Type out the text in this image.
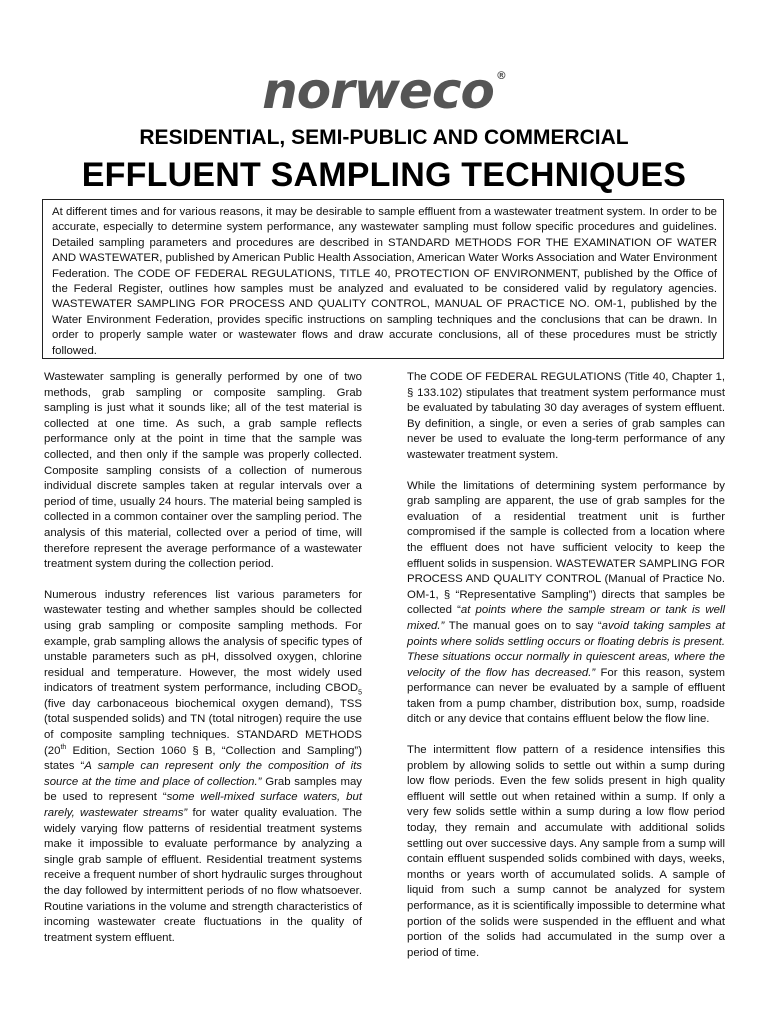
norweco ®
RESIDENTIAL, SEMI-PUBLIC AND COMMERCIAL
EFFLUENT SAMPLING TECHNIQUES
At different times and for various reasons, it may be desirable to sample effluent from a wastewater treatment system. In order to be accurate, especially to determine system performance, any wastewater sampling must follow specific procedures and guidelines. Detailed sampling parameters and procedures are described in STANDARD METHODS FOR THE EXAMINATION OF WATER AND WASTEWATER, published by American Public Health Association, American Water Works Association and Water Environment Federation. The CODE OF FEDERAL REGULATIONS, TITLE 40, PROTECTION OF ENVIRONMENT, published by the Office of the Federal Register, outlines how samples must be analyzed and evaluated to be considered valid by regulatory agencies. WASTEWATER SAMPLING FOR PROCESS AND QUALITY CONTROL, MANUAL OF PRACTICE NO. OM-1, published by the Water Environment Federation, provides specific instructions on sampling techniques and the conclusions that can be drawn. In order to properly sample water or wastewater flows and draw accurate conclusions, all of these procedures must be strictly followed.

Wastewater sampling is generally performed by one of two methods, grab sampling or composite sampling. Grab sampling is just what it sounds like; all of the test material is collected at one time. As such, a grab sample reflects performance only at the point in time that the sample was collected, and then only if the sample was properly collected. Composite sampling consists of a collection of numerous individual discrete samples taken at regular intervals over a period of time, usually 24 hours. The material being sampled is collected in a common container over the sampling period. The analysis of this material, collected over a period of time, will therefore represent the average performance of a wastewater treatment system during the collection period.

Numerous industry references list various parameters for wastewater testing and whether samples should be collected using grab sampling or composite sampling methods. For example, grab sampling allows the analysis of specific types of unstable parameters such as pH, dissolved oxygen, chlorine residual and temperature. However, the most widely used indicators of treatment system performance, including $CBOD_5$ (five day carbonaceous biochemical oxygen demand), TSS (total suspended solids) and TN (total nitrogen) require the use of composite sampling techniques. STANDARD METHODS (20th Edition, Section 1060 § B, “Collection and Sampling”) states “A sample can represent only the composition of its source at the time and place of collection.” Grab samples may be used to represent “some well-mixed surface waters, but rarely, wastewater streams” for water quality evaluation. The widely varying flow patterns of residential treatment systems make it impossible to evaluate performance by analyzing a single grab sample of effluent. Residential treatment systems receive a frequent number of short hydraulic surges throughout the day followed by intermittent periods of no flow whatsoever. Routine variations in the volume and strength characteristics of incoming wastewater create fluctuations in the quality of treatment system effluent.

The CODE OF FEDERAL REGULATIONS (Title 40, Chapter 1, § 133.102) stipulates that treatment system performance must be evaluated by tabulating 30 day averages of system effluent. By definition, a single, or even a series of grab samples can never be used to evaluate the long-term performance of any wastewater treatment system.

While the limitations of determining system performance by grab sampling are apparent, the use of grab samples for the evaluation of a residential treatment unit is further compromised if the sample is collected from a location where the effluent does not have sufficient velocity to keep the effluent solids in suspension. WASTEWATER SAMPLING FOR PROCESS AND QUALITY CONTROL (Manual of Practice No. OM-1, § “Representative Sampling”) directs that samples be collected “at points where the sample stream or tank is well mixed.” The manual goes on to say “avoid taking samples at points where solids settling occurs or floating debris is present. These situations occur normally in quiescent areas, where the velocity of the flow has decreased.” For this reason, system performance can never be evaluated by a sample of effluent taken from a pump chamber, distribution box, sump, roadside ditch or any device that contains effluent below the flow line.

The intermittent flow pattern of a residence intensifies this problem by allowing solids to settle out within a sump during low flow periods. Even the few solids present in high quality effluent will settle out when retained within a sump. If only a very few solids settle within a sump during a low flow period today, they remain and accumulate with additional solids settling out over successive days. Any sample from a sump will contain effluent suspended solids combined with days, weeks, months or years worth of accumulated solids. A sample of liquid from such a sump cannot be analyzed for system performance, as it is scientifically impossible to determine what portion of the solids were suspended in the effluent and what portion of the solids had accumulated in the sump over a period of time.
